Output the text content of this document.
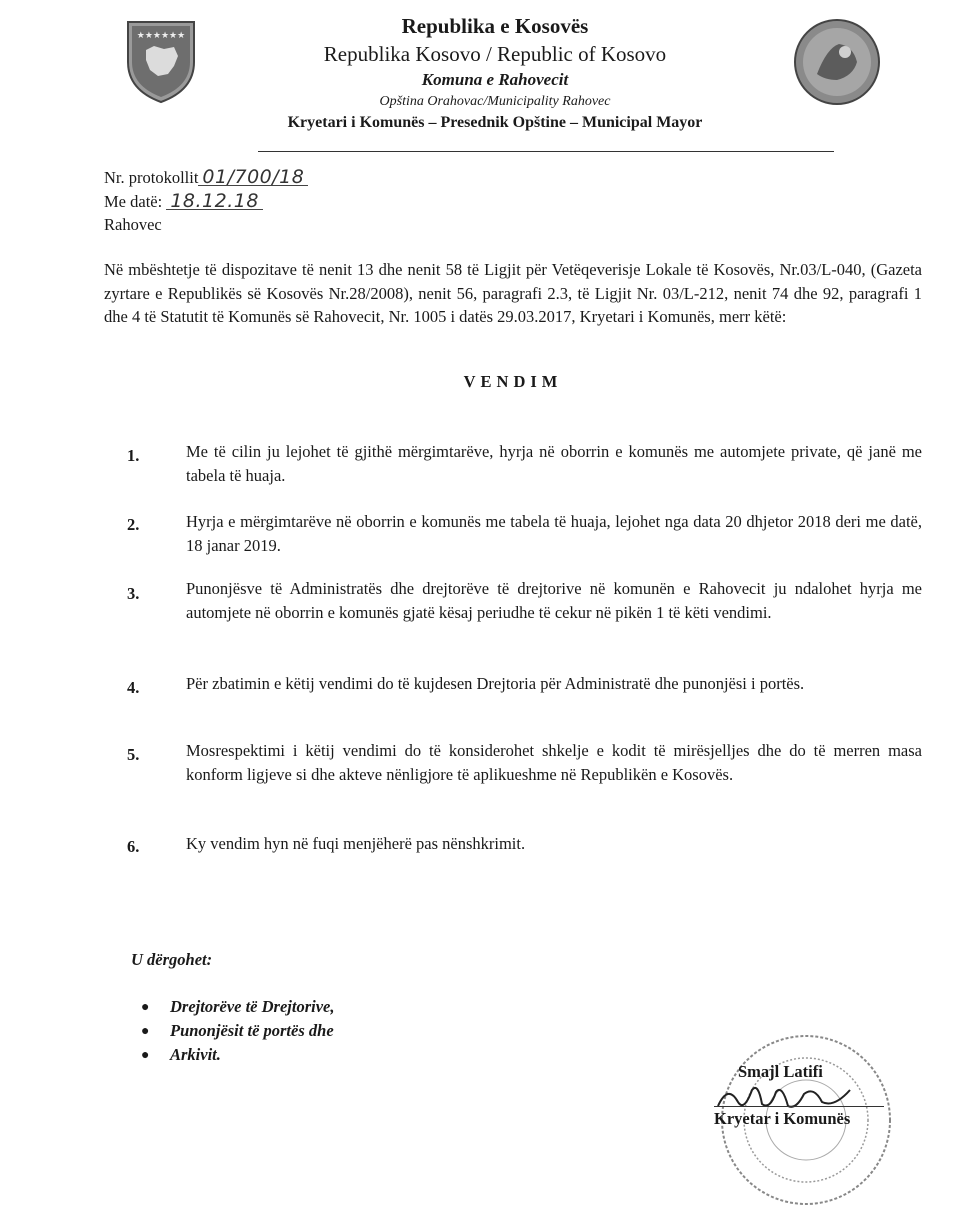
★★★★★★	Republika e Kosovës
Republika Kosovo / Republic of Kosovo
Komuna e Rahovecit
Opština Orahovac/Municipality Rahovec
Kryetari i Komunës – Presednik Opštine – Municipal Mayor
Nr. protokollit 01/700/18
Me datë: 18.12.18
Rahovec
Në mbështetje të dispozitave të nenit 13 dhe nenit 58 të Ligjit për Vetëqeverisje Lokale të Kosovës, Nr.03/L-040, (Gazeta zyrtare e Republikës së Kosovës Nr.28/2008), nenit 56, paragrafi 2.3, të Ligjit Nr. 03/L-212, nenit 74 dhe 92, paragrafi 1 dhe 4 të Statutit të Komunës së Rahovecit, Nr. 1005 i datës 29.03.2017, Kryetari i Komunës, merr këtë:
VENDIM
1.	Me të cilin ju lejohet të gjithë mërgimtarëve, hyrja në oborrin e komunës me automjete private, që janë me tabela të huaja.
2.	Hyrja e mërgimtarëve në oborrin e komunës me tabela të huaja, lejohet nga data 20 dhjetor 2018 deri me datë, 18 janar 2019.
3.	Punonjësve të Administratës dhe drejtorëve të drejtorive në komunën e Rahovecit ju ndalohet hyrja me automjete në oborrin e komunës gjatë kësaj periudhe të cekur në pikën 1 të këti vendimi.
4.	Për zbatimin e këtij vendimi do të kujdesen Drejtoria për Administratë dhe punonjësi i portës.
5.	Mosrespektimi i këtij vendimi do të konsiderohet shkelje e kodit të mirësjelljes dhe do të merren masa konform ligjeve si dhe akteve nënligjore të aplikueshme në Republikën e Kosovës.
6.	Ky vendim hyn në fuqi menjëherë pas nënshkrimit.
U dërgohet:
● Drejtorëve të Drejtorive,
● Punonjësit të portës dhe
● Arkivit.
Smajl Latifi
Kryetar i Komunës
